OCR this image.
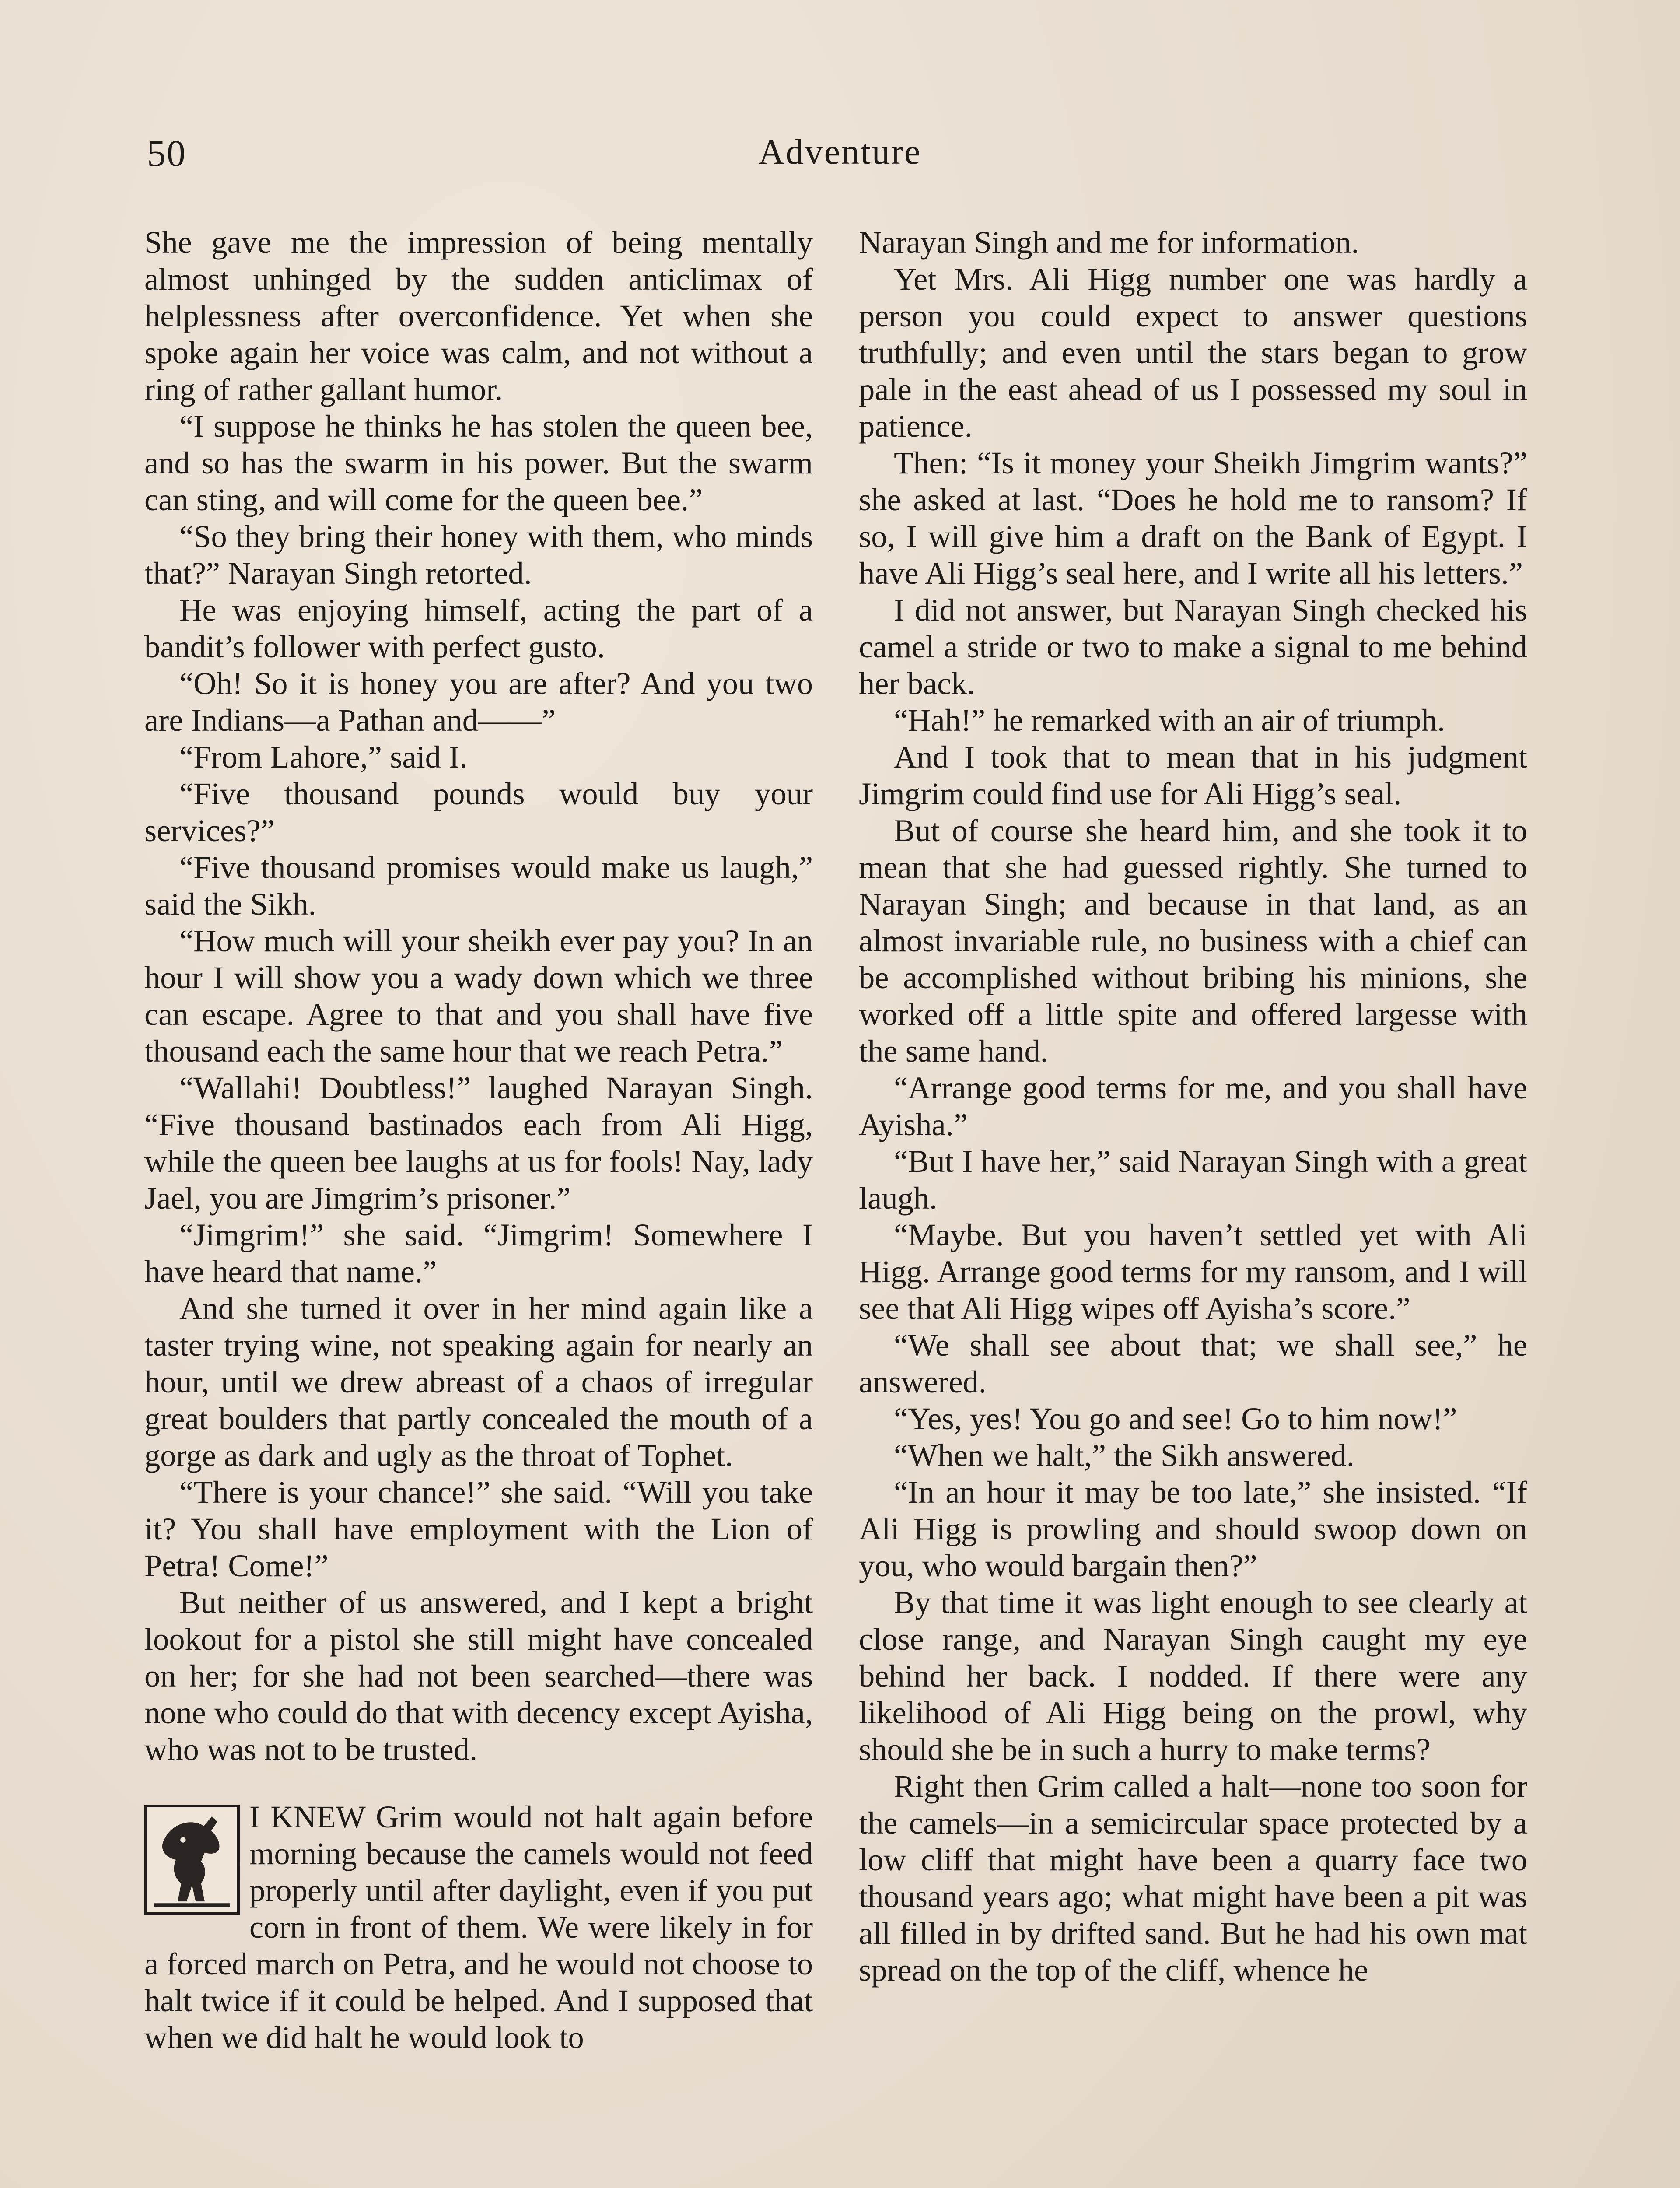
50	Adventure

She gave me the impression of being mentally almost unhinged by the sudden anticlimax of helplessness after overconfidence. Yet when she spoke again her voice was calm, and not without a ring of rather gallant humor.

“I suppose he thinks he has stolen the queen bee, and so has the swarm in his power. But the swarm can sting, and will come for the queen bee.”

“So they bring their honey with them, who minds that?” Narayan Singh retorted.

He was enjoying himself, acting the part of a bandit’s follower with perfect gusto.

“Oh! So it is honey you are after? And you two are Indians—a Pathan and——”

“From Lahore,” said I.

“Five thousand pounds would buy your services?”

“Five thousand promises would make us laugh,” said the Sikh.

“How much will your sheikh ever pay you? In an hour I will show you a wady down which we three can escape. Agree to that and you shall have five thousand each the same hour that we reach Petra.”

“Wallahi! Doubtless!” laughed Narayan Singh. “Five thousand bastinados each from Ali Higg, while the queen bee laughs at us for fools! Nay, lady Jael, you are Jimgrim’s prisoner.”

“Jimgrim!” she said. “Jimgrim! Somewhere I have heard that name.”

And she turned it over in her mind again like a taster trying wine, not speaking again for nearly an hour, until we drew abreast of a chaos of irregular great boulders that partly concealed the mouth of a gorge as dark and ugly as the throat of Tophet.

“There is your chance!” she said. “Will you take it? You shall have employment with the Lion of Petra! Come!”

But neither of us answered, and I kept a bright lookout for a pistol she still might have concealed on her; for she had not been searched—there was none who could do that with decency except Ayisha, who was not to be trusted.

I KNEW Grim would not halt again before morning because the camels would not feed properly until after daylight, even if you put corn in front of them. We were likely in for a forced march on Petra, and he would not choose to halt twice if it could be helped. And I supposed that when we did halt he would look to

Narayan Singh and me for information.

Yet Mrs. Ali Higg number one was hardly a person you could expect to answer questions truthfully; and even until the stars began to grow pale in the east ahead of us I possessed my soul in patience.

Then: “Is it money your Sheikh Jimgrim wants?” she asked at last. “Does he hold me to ransom? If so, I will give him a draft on the Bank of Egypt. I have Ali Higg’s seal here, and I write all his letters.”

I did not answer, but Narayan Singh checked his camel a stride or two to make a signal to me behind her back.

“Hah!” he remarked with an air of triumph.

And I took that to mean that in his judgment Jimgrim could find use for Ali Higg’s seal.

But of course she heard him, and she took it to mean that she had guessed rightly. She turned to Narayan Singh; and because in that land, as an almost invariable rule, no business with a chief can be accomplished without bribing his minions, she worked off a little spite and offered largesse with the same hand.

“Arrange good terms for me, and you shall have Ayisha.”

“But I have her,” said Narayan Singh with a great laugh.

“Maybe. But you haven’t settled yet with Ali Higg. Arrange good terms for my ransom, and I will see that Ali Higg wipes off Ayisha’s score.”

“We shall see about that; we shall see,” he answered.

“Yes, yes! You go and see! Go to him now!”

“When we halt,” the Sikh answered.

“In an hour it may be too late,” she insisted. “If Ali Higg is prowling and should swoop down on you, who would bargain then?”

By that time it was light enough to see clearly at close range, and Narayan Singh caught my eye behind her back. I nodded. If there were any likelihood of Ali Higg being on the prowl, why should she be in such a hurry to make terms?

Right then Grim called a halt—none too soon for the camels—in a semicircular space protected by a low cliff that might have been a quarry face two thousand years ago; what might have been a pit was all filled in by drifted sand. But he had his own mat spread on the top of the cliff, whence he
